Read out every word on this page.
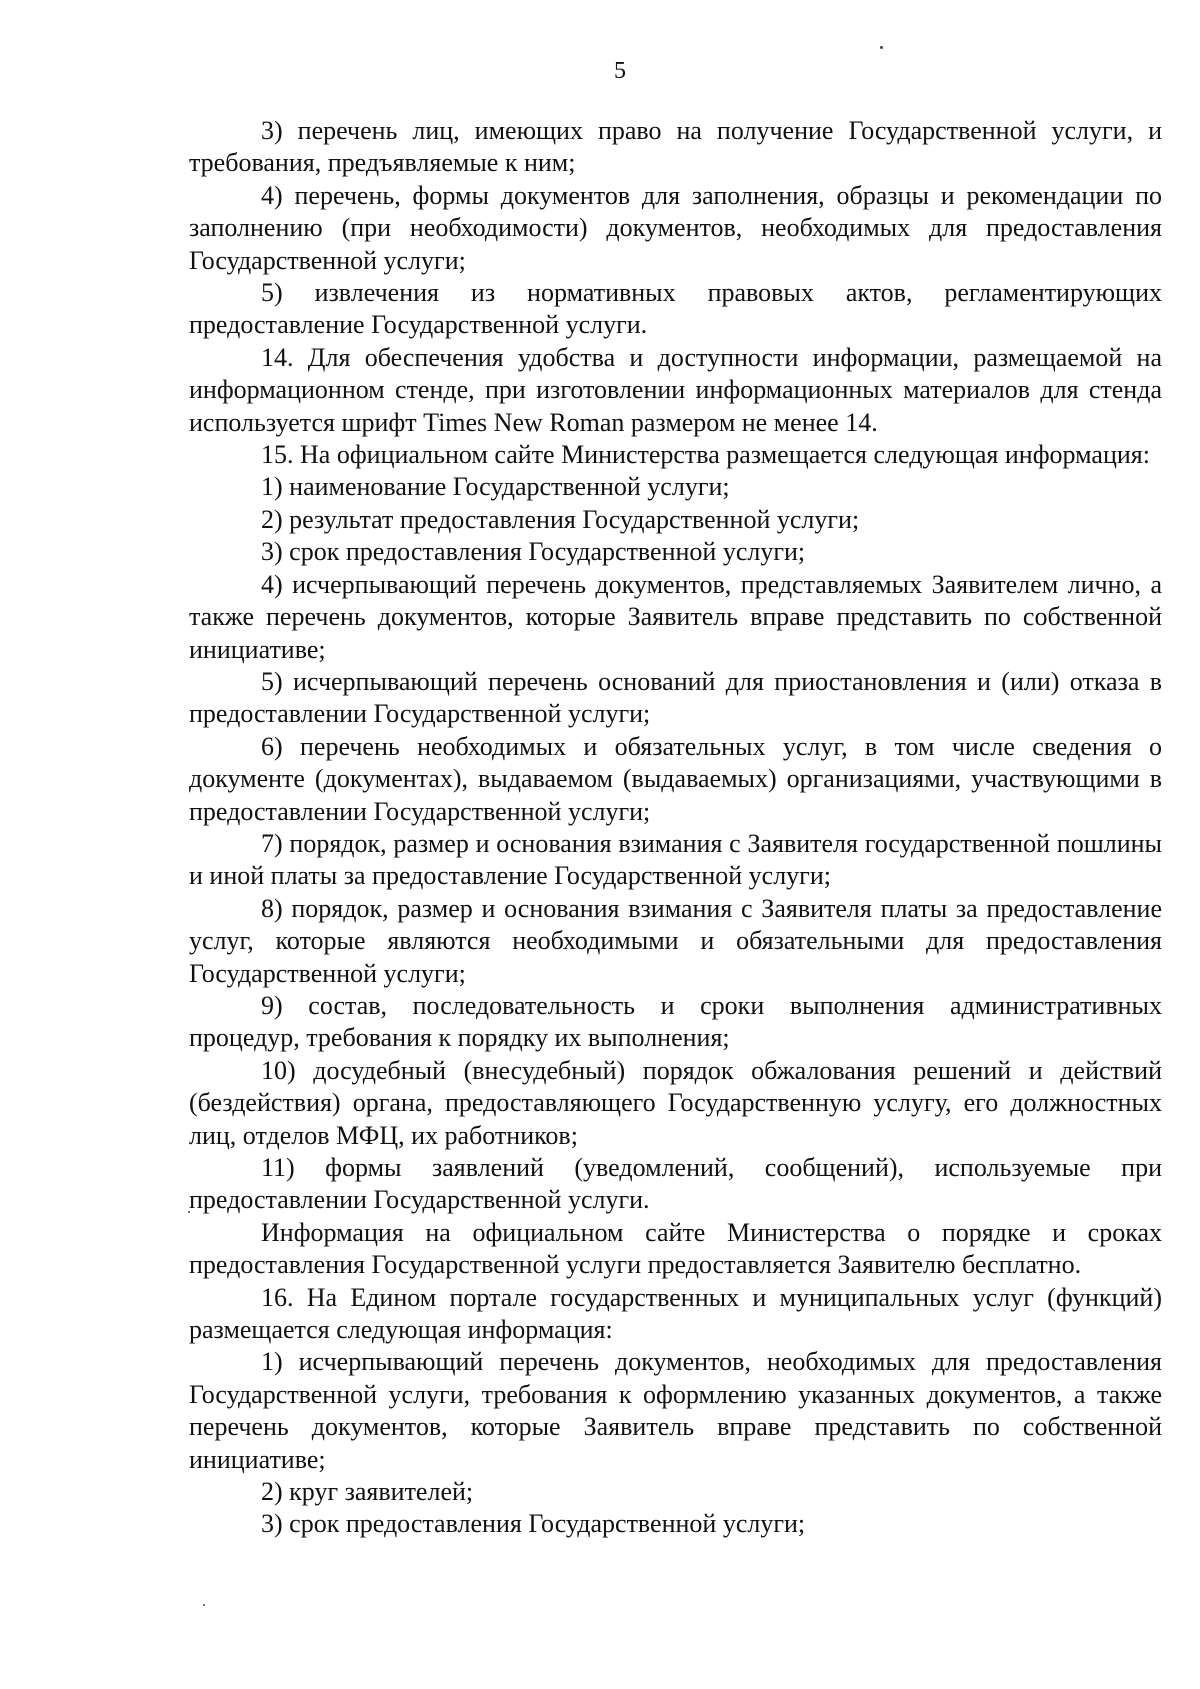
5

3) перечень лиц, имеющих право на получение Государственной услуги, и требования, предъявляемые к ним;

4) перечень, формы документов для заполнения, образцы и рекомендации по заполнению (при необходимости) документов, необходимых для предоставления Государственной услуги;

5) извлечения из нормативных правовых актов, регламентирующих предоставление Государственной услуги.

14. Для обеспечения удобства и доступности информации, размещаемой на информационном стенде, при изготовлении информационных материалов для стенда используется шрифт Times New Roman размером не менее 14.

15. На официальном сайте Министерства размещается следующая информация:

1) наименование Государственной услуги;

2) результат предоставления Государственной услуги;

3) срок предоставления Государственной услуги;

4) исчерпывающий перечень документов, представляемых Заявителем лично, а также перечень документов, которые Заявитель вправе представить по собственной инициативе;

5) исчерпывающий перечень оснований для приостановления и (или) отказа в предоставлении Государственной услуги;

6) перечень необходимых и обязательных услуг, в том числе сведения о документе (документах), выдаваемом (выдаваемых) организациями, участвующими в предоставлении Государственной услуги;

7) порядок, размер и основания взимания с Заявителя государственной пошлины и иной платы за предоставление Государственной услуги;

8) порядок, размер и основания взимания с Заявителя платы за предоставление услуг, которые являются необходимыми и обязательными для предоставления Государственной услуги;

9) состав, последовательность и сроки выполнения административных процедур, требования к порядку их выполнения;

10) досудебный (внесудебный) порядок обжалования решений и действий (бездействия) органа, предоставляющего Государственную услугу, его должностных лиц, отделов МФЦ, их работников;

11) формы заявлений (уведомлений, сообщений), используемые при предоставлении Государственной услуги.

Информация на официальном сайте Министерства о порядке и сроках предоставления Государственной услуги предоставляется Заявителю бесплатно.

16. На Едином портале государственных и муниципальных услуг (функций) размещается следующая информация:

1) исчерпывающий перечень документов, необходимых для предоставления Государственной услуги, требования к оформлению указанных документов, а также перечень документов, которые Заявитель вправе представить по собственной инициативе;

2) круг заявителей;

3) срок предоставления Государственной услуги;
